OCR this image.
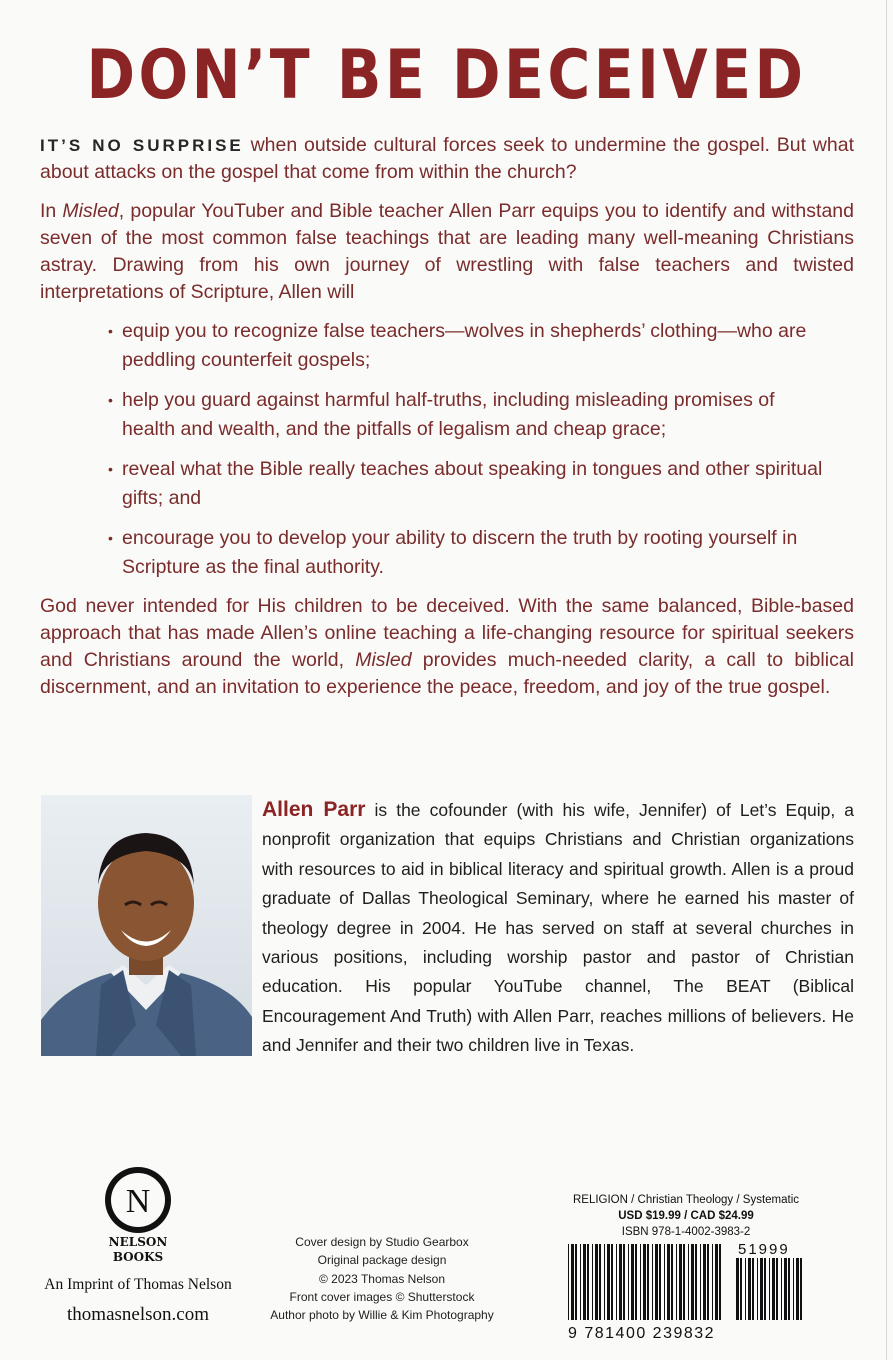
DON’T BE DECEIVED
IT’S NO SURPRISE when outside cultural forces seek to undermine the gospel. But what about attacks on the gospel that come from within the church?
In Misled, popular YouTuber and Bible teacher Allen Parr equips you to identify and withstand seven of the most common false teachings that are leading many well-meaning Christians astray. Drawing from his own journey of wrestling with false teachers and twisted interpretations of Scripture, Allen will
• equip you to recognize false teachers—wolves in shepherds’ clothing—who are peddling counterfeit gospels;
• help you guard against harmful half-truths, including misleading promises of health and wealth, and the pitfalls of legalism and cheap grace;
• reveal what the Bible really teaches about speaking in tongues and other spiritual gifts; and
• encourage you to develop your ability to discern the truth by rooting yourself in Scripture as the final authority.
God never intended for His children to be deceived. With the same balanced, Bible-based approach that has made Allen’s online teaching a life-changing resource for spiritual seekers and Christians around the world, Misled provides much-needed clarity, a call to biblical discernment, and an invitation to experience the peace, freedom, and joy of the true gospel.
Allen Parr is the cofounder (with his wife, Jennifer) of Let’s Equip, a nonprofit organization that equips Christians and Christian organizations with resources to aid in biblical literacy and spiritual growth. Allen is a proud graduate of Dallas Theological Seminary, where he earned his master of theology degree in 2004. He has served on staff at several churches in various positions, including worship pastor and pastor of Christian education. His popular YouTube channel, The BEAT (Biblical Encouragement And Truth) with Allen Parr, reaches millions of believers. He and Jennifer and their two children live in Texas.
N
NELSON
BOOKS
An Imprint of Thomas Nelson
thomasnelson.com
Cover design by Studio Gearbox
Original package design
© 2023 Thomas Nelson
Front cover images © Shutterstock
Author photo by Willie & Kim Photography
RELIGION / Christian Theology / Systematic
USD $19.99 / CAD $24.99
ISBN 978-1-4002-3983-2
51999
9 781400 239832
